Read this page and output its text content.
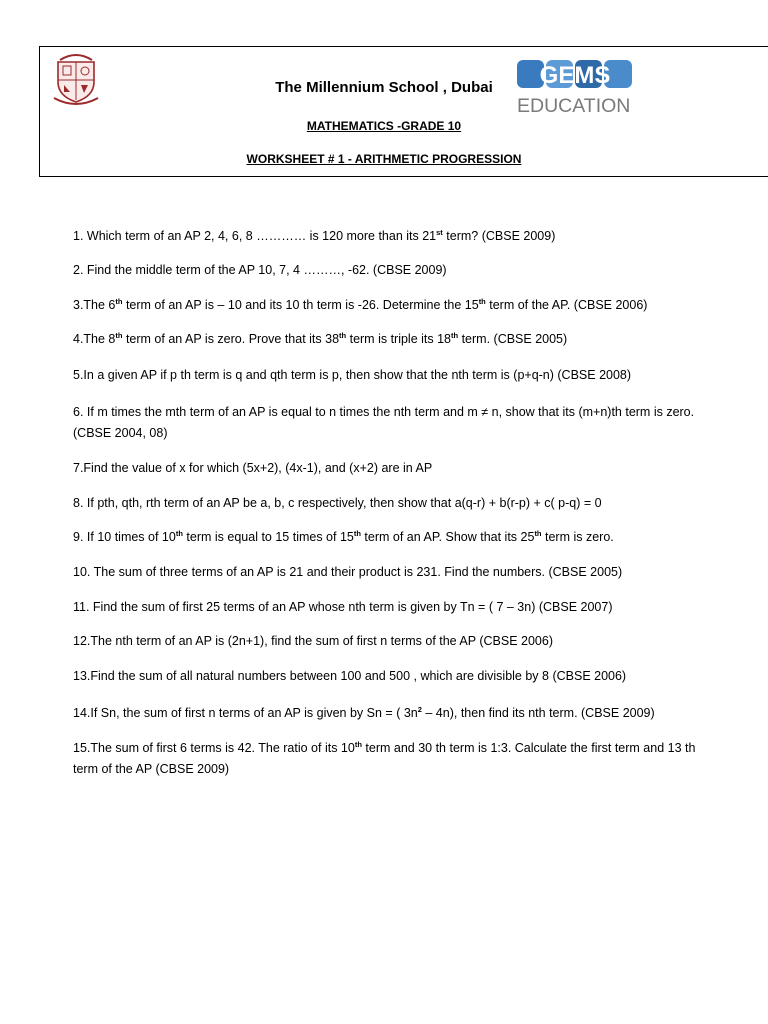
GEMS
EDUCATION
The Millennium School , Dubai
MATHEMATICS -GRADE 10
WORKSHEET # 1 - ARITHMETIC PROGRESSION
1. Which term of an AP 2, 4, 6, 8 ………… is 120 more than its 21st term? (CBSE 2009)
2. Find the middle term of the AP 10, 7, 4 ………, -62. (CBSE 2009)
3.The 6th term of an AP is – 10 and its 10 th term is -26. Determine the 15th term of the AP. (CBSE 2006)
4.The 8th term of an AP is zero. Prove that its 38th term is triple its 18th term. (CBSE 2005)
5.In a given AP if p th term is q and qth term is p, then show that the nth term is (p+q-n) (CBSE 2008)
6. If m times the mth term of an AP is equal to n times the nth term and m ≠ n, show that its (m+n)th term is zero. (CBSE 2004, 08)
7.Find the value of x for which (5x+2), (4x-1), and (x+2) are in AP
8. If pth, qth, rth term of an AP be a, b, c respectively, then show that a(q-r) + b(r-p) + c( p-q) = 0
9. If 10 times of 10th term is equal to 15 times of 15th term of an AP. Show that its 25th term is zero.
10. The sum of three terms of an AP is 21 and their product is 231. Find the numbers. (CBSE 2005)
11. Find the sum of first 25 terms of an AP whose nth term is given by Tn = ( 7 – 3n) (CBSE 2007)
12.The nth term of an AP is (2n+1), find the sum of first n terms of the AP (CBSE 2006)
13.Find the sum of all natural numbers between 100 and 500 , which are divisible by 8 (CBSE 2006)
14.If Sn, the sum of first n terms of an AP is given by Sn = ( $3n^2 - 4n$), then find its nth term. (CBSE 2009)
15.The sum of first 6 terms is 42. The ratio of its 10th term and 30 th term is 1:3. Calculate the first term and 13 th term of the AP (CBSE 2009)
